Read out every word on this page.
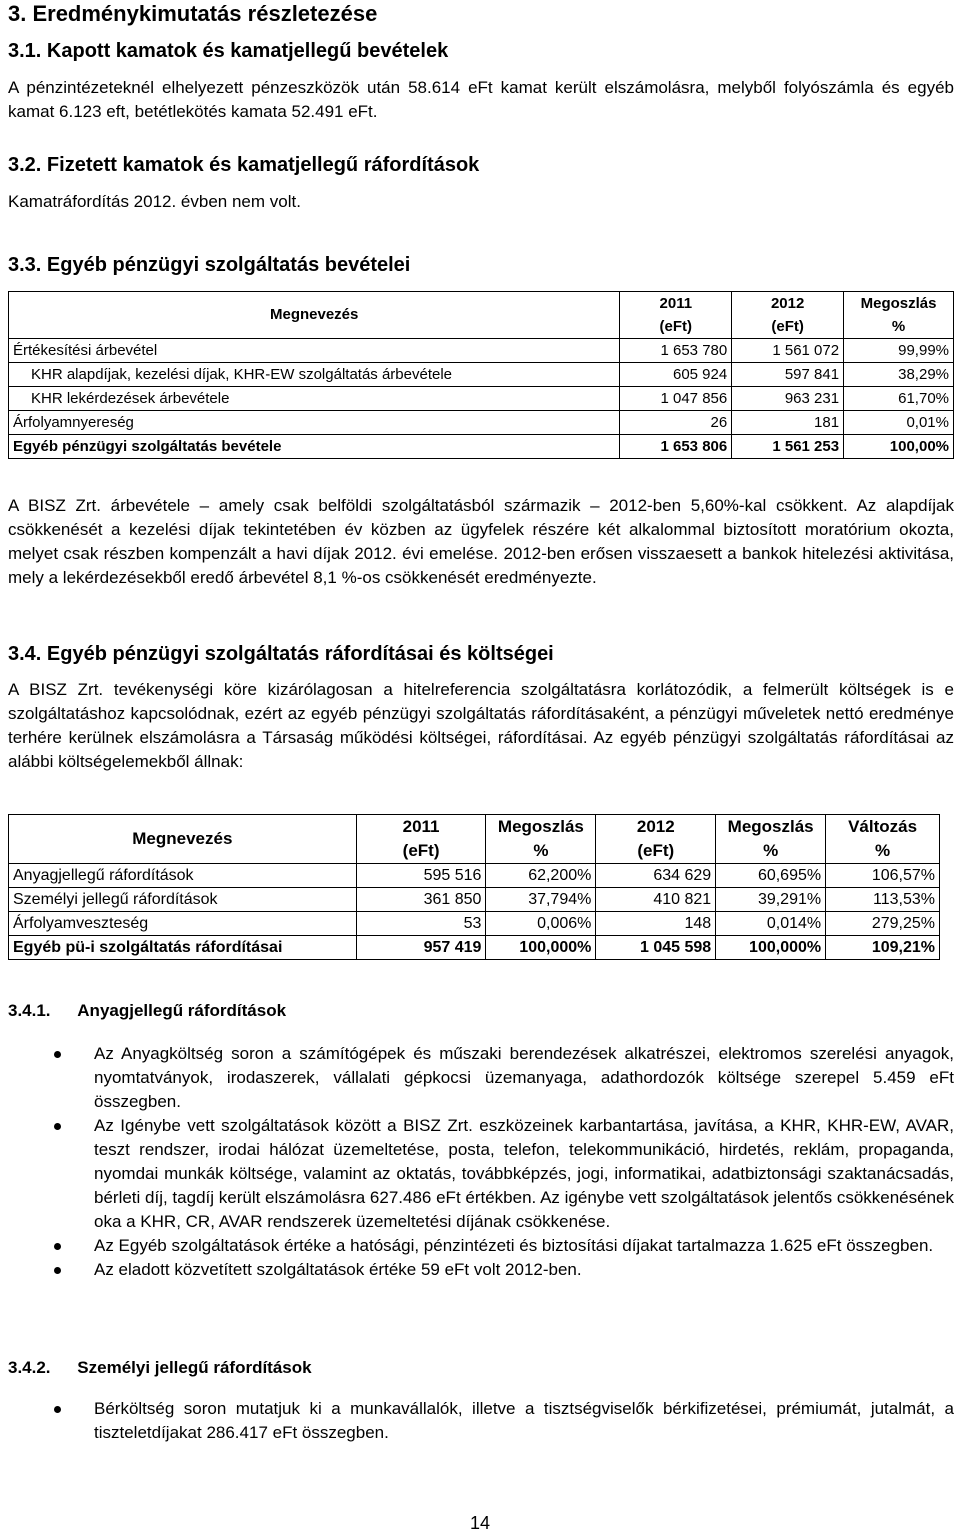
3. Eredménykimutatás részletezése
3.1. Kapott kamatok és kamatjellegű bevételek

A pénzintézeteknél elhelyezett pénzeszközök után 58.614 eFt kamat került elszámolásra, melyből folyószámla és egyéb kamat 6.123 eft, betétlekötés kamata 52.491 eFt.

3.2. Fizetett kamatok és kamatjellegű ráfordítások

Kamatráfordítás 2012. évben nem volt.

3.3. Egyéb pénzügyi szolgáltatás bevételei
Megnevezés	2011	2012	Megoszlás
	(eFt)	(eFt)	%
Értékesítési árbevétel	1 653 780	1 561 072	99,99%
KHR alapdíjak, kezelési díjak, KHR-EW szolgáltatás árbevétele	605 924	597 841	38,29%
KHR lekérdezések árbevétele	1 047 856	963 231	61,70%
Árfolyamnyereség	26	181	0,01%
Egyéb pénzügyi szolgáltatás bevétele	1 653 806	1 561 253	100,00%

A BISZ Zrt. árbevétele – amely csak belföldi szolgáltatásból származik – 2012-ben 5,60%-kal csökkent. Az alapdíjak csökkenését a kezelési díjak tekintetében év közben az ügyfelek részére két alkalommal biztosított moratórium okozta, melyet csak részben kompenzált a havi díjak 2012. évi emelése. 2012-ben erősen visszaesett a bankok hitelezési aktivitása, mely a lekérdezésekből eredő árbevétel 8,1 %-os csökkenését eredményezte.

3.4. Egyéb pénzügyi szolgáltatás ráfordításai és költségei

A BISZ Zrt. tevékenységi köre kizárólagosan a hitelreferencia szolgáltatásra korlátozódik, a felmerült költségek is e szolgáltatáshoz kapcsolódnak, ezért az egyéb pénzügyi szolgáltatás ráfordításaként, a pénzügyi műveletek nettó eredménye terhére kerülnek elszámolásra a Társaság működési költségei, ráfordításai. Az egyéb pénzügyi szolgáltatás ráfordításai az alábbi költségelemekből állnak:

Megnevezés	2011	Megoszlás	2012	Megoszlás	Változás
	(eFt)	%	(eFt)	%	%
Anyagjellegű ráfordítások	595 516	62,200%	634 629	60,695%	106,57%
Személyi jellegű ráfordítások	361 850	37,794%	410 821	39,291%	113,53%
Árfolyamveszteség	53	0,006%	148	0,014%	279,25%
Egyéb pü-i szolgáltatás ráfordításai	957 419	100,000%	1 045 598	100,000%	109,21%
3.4.1. Anyagjellegű ráfordítások
Az Anyagköltség soron a számítógépek és műszaki berendezések alkatrészei, elektromos szerelési anyagok, nyomtatványok, irodaszerek, vállalati gépkocsi üzemanyaga, adathordozók költsége szerepel 5.459 eFt összegben.
Az Igénybe vett szolgáltatások között a BISZ Zrt. eszközeinek karbantartása, javítása, a KHR, KHR-EW, AVAR, teszt rendszer, irodai hálózat üzemeltetése, posta, telefon, telekommunikáció, hirdetés, reklám, propaganda, nyomdai munkák költsége, valamint az oktatás, továbbképzés, jogi, informatikai, adatbiztonsági szaktanácsadás, bérleti díj, tagdíj került elszámolásra 627.486 eFt értékben. Az igénybe vett szolgáltatások jelentős csökkenésének oka a KHR, CR, AVAR rendszerek üzemeltetési díjának csökkenése.
Az Egyéb szolgáltatások értéke a hatósági, pénzintézeti és biztosítási díjakat tartalmazza 1.625 eFt összegben.
Az eladott közvetített szolgáltatások értéke 59 eFt volt 2012-ben.
3.4.2. Személyi jellegű ráfordítások
Bérköltség soron mutatjuk ki a munkavállalók, illetve a tisztségviselők bérkifizetései, prémiumát, jutalmát, a tiszteletdíjakat 286.417 eFt összegben.
14
